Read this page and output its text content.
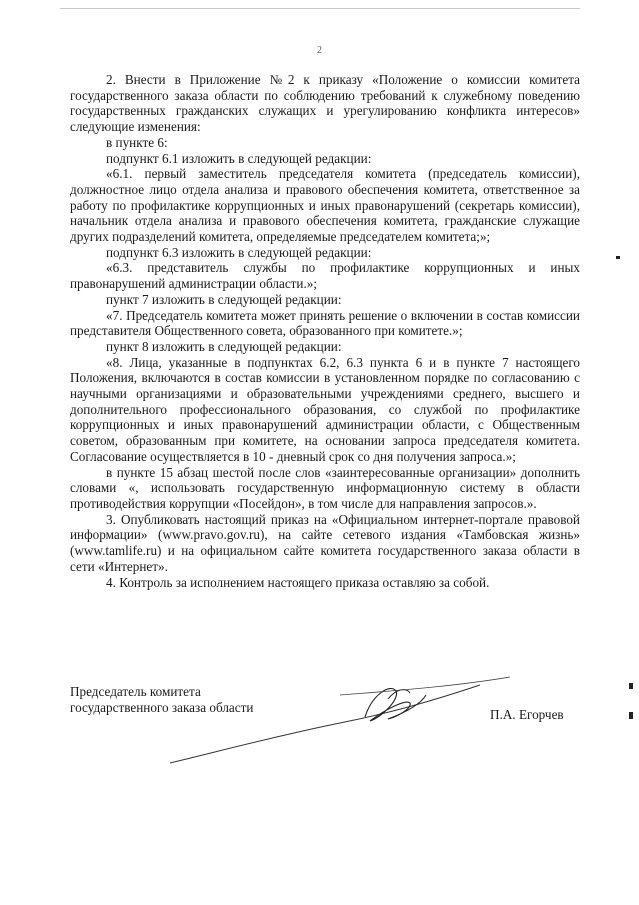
2

2. Внести в Приложение №2 к приказу «Положение о комиссии комитета государственного заказа области по соблюдению требований к служебному поведению государственных гражданских служащих и урегулированию конфликта интересов» следующие изменения:

в пункте 6:

подпункт 6.1 изложить в следующей редакции:

«6.1. первый заместитель председателя комитета (председатель комиссии), должностное лицо отдела анализа и правового обеспечения комитета, ответственное за работу по профилактике коррупционных и иных правонарушений (секретарь комиссии), начальник отдела анализа и правового обеспечения комитета, гражданские служащие других подразделений комитета, определяемые председателем комитета;»;

подпункт 6.3 изложить в следующей редакции:

«6.3. представитель службы по профилактике коррупционных и иных правонарушений администрации области.»;

пункт 7 изложить в следующей редакции:

«7. Председатель комитета может принять решение о включении в состав комиссии представителя Общественного совета, образованного при комитете.»;

пункт 8 изложить в следующей редакции:

«8. Лица, указанные в подпунктах 6.2, 6.3 пункта 6 и в пункте 7 настоящего Положения, включаются в состав комиссии в установленном порядке по согласованию с научными организациями и образовательными учреждениями среднего, высшего и дополнительного профессионального образования, со службой по профилактике коррупционных и иных правонарушений администрации области, с Общественным советом, образованным при комитете, на основании запроса председателя комитета. Согласование осуществляется в 10 - дневный срок со дня получения запроса.»;

в пункте 15 абзац шестой после слов «заинтересованные организации» дополнить словами «, использовать государственную информационную систему в области противодействия коррупции «Посейдон», в том числе для направления запросов.».

3. Опубликовать настоящий приказ на «Официальном интернет-портале правовой информации» (www.pravo.gov.ru), на сайте сетевого издания «Тамбовская жизнь» (www.tamlife.ru) и на официальном сайте комитета государственного заказа области в сети «Интернет».

4. Контроль за исполнением настоящего приказа оставляю за собой.

Председатель комитета
государственного заказа области	П.А. Егорчев
